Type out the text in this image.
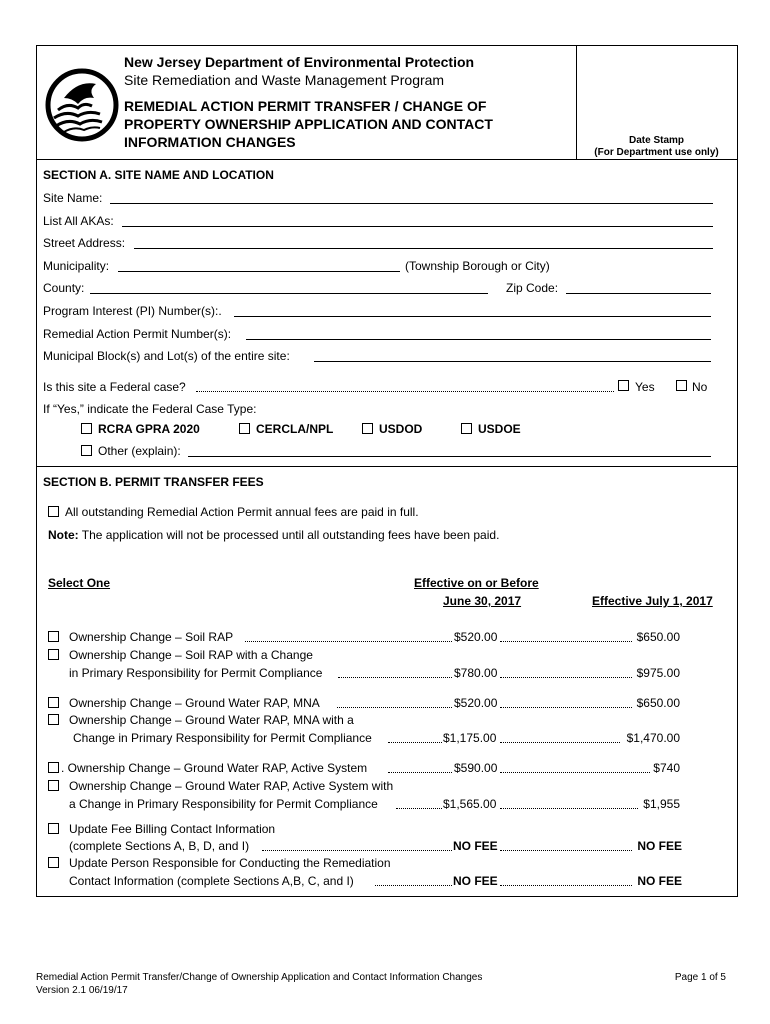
New Jersey Department of Environmental Protection
Site Remediation and Waste Management Program
REMEDIAL ACTION PERMIT TRANSFER / CHANGE OF
PROPERTY OWNERSHIP APPLICATION AND CONTACT
INFORMATION CHANGES	Date Stamp
(For Department use only)
SECTION A. SITE NAME AND LOCATION
Site Name:
List All AKAs:
Street Address:
Municipality:	(Township Borough or City)
County:	Zip Code:
Program Interest (PI) Number(s):.
Remedial Action Permit Number(s):
Municipal Block(s) and Lot(s) of the entire site:
Is this site a Federal case?	Yes	No
If “Yes,” indicate the Federal Case Type:
RCRA GPRA 2020	CERCLA/NPL	USDOD	USDOE
Other (explain):
SECTION B. PERMIT TRANSFER FEES
All outstanding Remedial Action Permit annual fees are paid in full.
Note: The application will not be processed until all outstanding fees have been paid.
Select One	Effective on or Before
June 30, 2017	Effective July 1, 2017
Ownership Change – Soil RAP	$520.00	$650.00
Ownership Change – Soil RAP with a Change
in Primary Responsibility for Permit Compliance	$780.00	$975.00
Ownership Change – Ground Water RAP, MNA	$520.00	$650.00
Ownership Change – Ground Water RAP, MNA with a
Change in Primary Responsibility for Permit Compliance	$1,175.00	$1,470.00
. Ownership Change – Ground Water RAP, Active System	$590.00	$740
Ownership Change – Ground Water RAP, Active System with
a Change in Primary Responsibility for Permit Compliance	$1,565.00	$1,955
Update Fee Billing Contact Information
(complete Sections A, B, D, and I)	NO FEE	NO FEE
Update Person Responsible for Conducting the Remediation
Contact Information (complete Sections A,B, C, and I)	NO FEE	NO FEE
Remedial Action Permit Transfer/Change of Ownership Application and Contact Information Changes
Version 2.1 06/19/17
Page 1 of 5
